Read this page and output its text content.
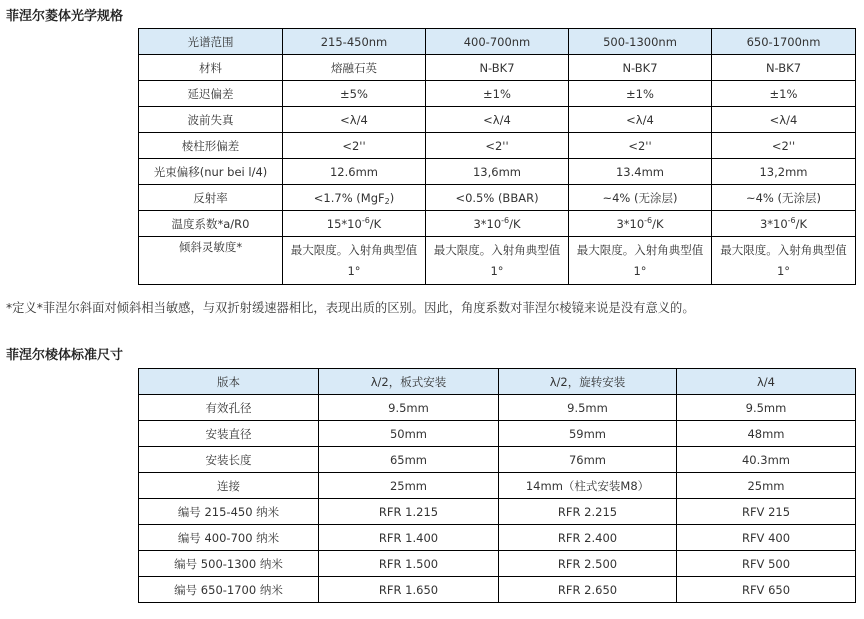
菲涅尔菱体光学规格
光谱范围	215-450nm	400-700nm	500-1300nm	650-1700nm
材料	熔融石英	N-BK7	N-BK7	N-BK7
延迟偏差	±5%	±1%	±1%	±1%
波前失真	<λ/4	<λ/4	<λ/4	<λ/4
棱柱形偏差	<2''	<2''	<2''	<2''
光束偏移(nur bei l/4)	12.6mm	13,6mm	13.4mm	13,2mm
反射率	<1.7% (MgF$_2$)	<0.5% (BBAR)	~4% (无涂层)	~4% (无涂层)
温度系数*a/R0	$15*10^{-6}/K$	$3*10^{-6}/K$	$3*10^{-6}/K$	$3*10^{-6}/K$
倾斜灵敏度*	最大限度。入射角典型值 1°	最大限度。入射角典型值 1°	最大限度。入射角典型值 1°	最大限度。入射角典型值 1°
*定义*菲涅尔斜面对倾斜相当敏感，与双折射缓速器相比，表现出质的区别。因此，角度系数对菲涅尔棱镜来说是没有意义的。
菲涅尔棱体标准尺寸
版本	λ/2，板式安装	λ/2，旋转安装	λ/4
有效孔径	9.5mm	9.5mm	9.5mm
安装直径	50mm	59mm	48mm
安装长度	65mm	76mm	40.3mm
连接	25mm	14mm（柱式安装M8）	25mm
编号 215-450 纳米	RFR 1.215	RFR 2.215	RFV 215
编号 400-700 纳米	RFR 1.400	RFR 2.400	RFV 400
编号 500-1300 纳米	RFR 1.500	RFR 2.500	RFV 500
编号 650-1700 纳米	RFR 1.650	RFR 2.650	RFV 650
